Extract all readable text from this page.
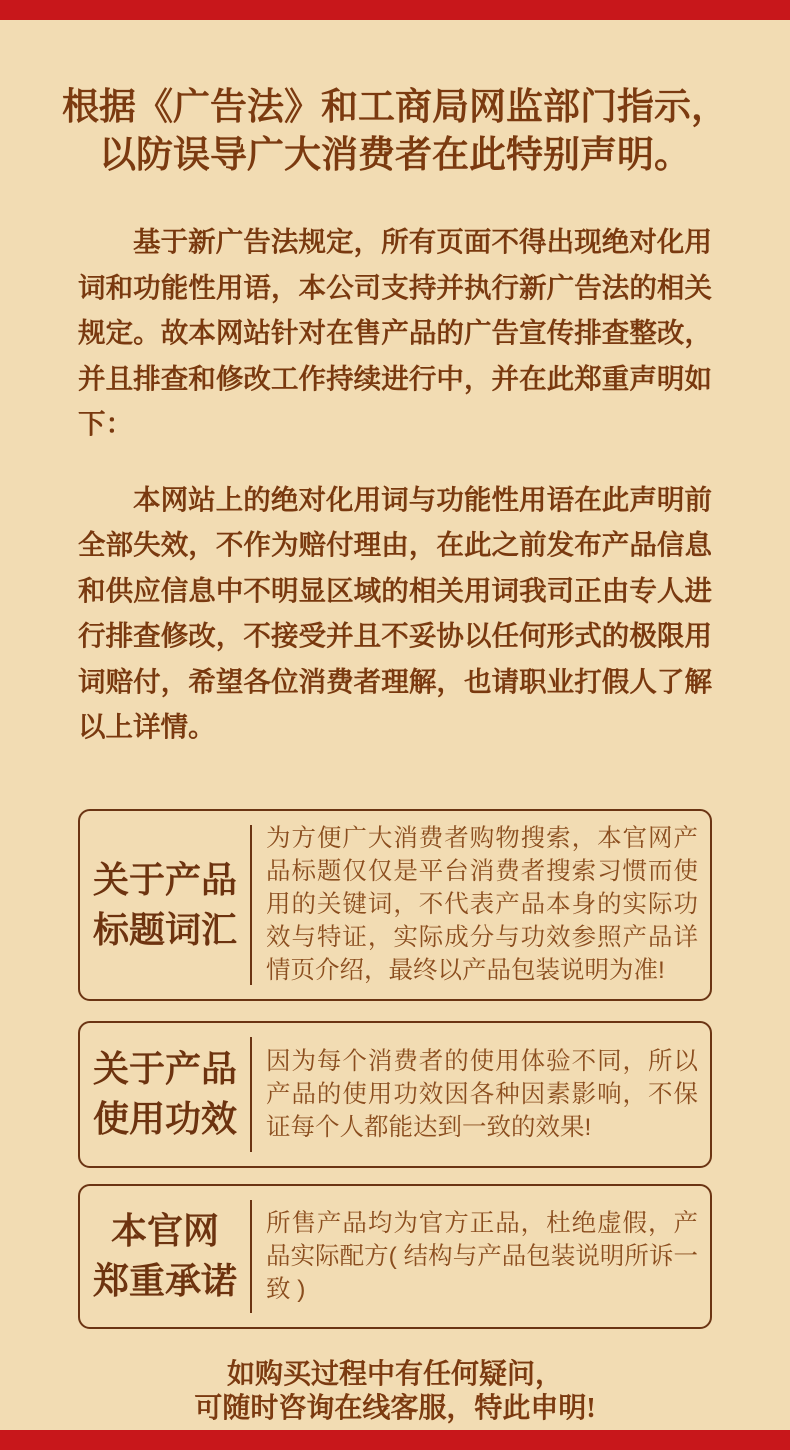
根据《广告法》和工商局网监部门指示，
以防误导广大消费者在此特别声明。

基于新广告法规定，所有页面不得出现绝对化用词和功能性用语，本公司支持并执行新广告法的相关规定。故本网站针对在售产品的广告宣传排查整改，并且排查和修改工作持续进行中，并在此郑重声明如下：

本网站上的绝对化用词与功能性用语在此声明前全部失效，不作为赔付理由，在此之前发布产品信息和供应信息中不明显区域的相关用词我司正由专人进行排查修改，不接受并且不妥协以任何形式的极限用词赔付，希望各位消费者理解，也请职业打假人了解以上详情。

关于产品
标题词汇
为方便广大消费者购物搜索，本官网产品标题仅仅是平台消费者搜索习惯而使用的关键词，不代表产品本身的实际功效与特证，实际成分与功效参照产品详情页介绍，最终以产品包装说明为准!
关于产品
使用功效
因为每个消费者的使用体验不同，所以产品的使用功效因各种因素影响，不保证每个人都能达到一致的效果!
本官网
郑重承诺
所售产品均为官方正品，杜绝虚假，产品实际配方( 结构与产品包装说明所诉一致 )

如购买过程中有任何疑问，
可随时咨询在线客服，特此申明!
